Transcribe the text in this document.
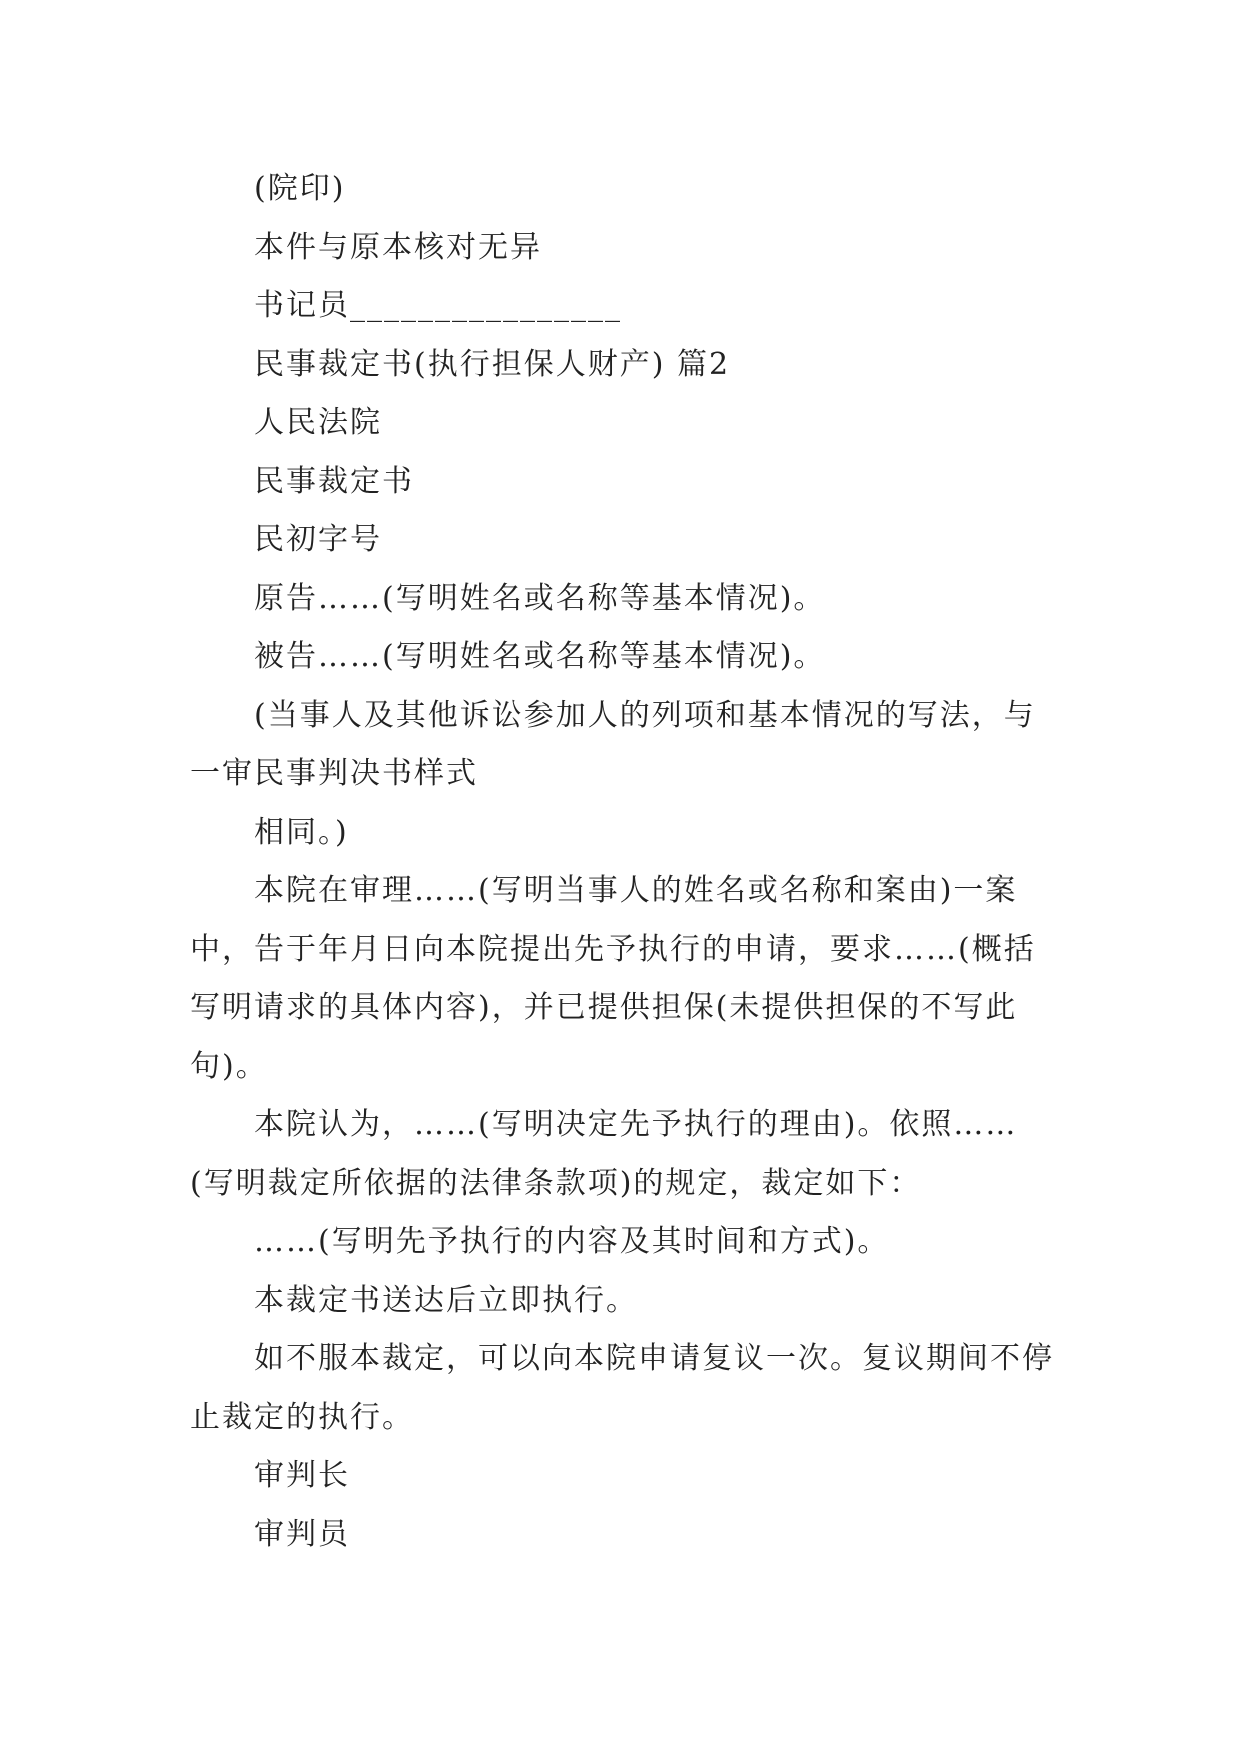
(院印)

本件与原本核对无异

书记员________________

民事裁定书(执行担保人财产) 篇2

人民法院

民事裁定书

民初字号

原告……(写明姓名或名称等基本情况)。

被告……(写明姓名或名称等基本情况)。

(当事人及其他诉讼参加人的列项和基本情况的写法，与一审民事判决书样式

相同。)

本院在审理……(写明当事人的姓名或名称和案由)一案中，告于年月日向本院提出先予执行的申请，要求……(概括写明请求的具体内容)，并已提供担保(未提供担保的不写此句)。

本院认为，……(写明决定先予执行的理由)。依照……(写明裁定所依据的法律条款项)的规定，裁定如下：

……(写明先予执行的内容及其时间和方式)。

本裁定书送达后立即执行。

如不服本裁定，可以向本院申请复议一次。复议期间不停止裁定的执行。

审判长

审判员
